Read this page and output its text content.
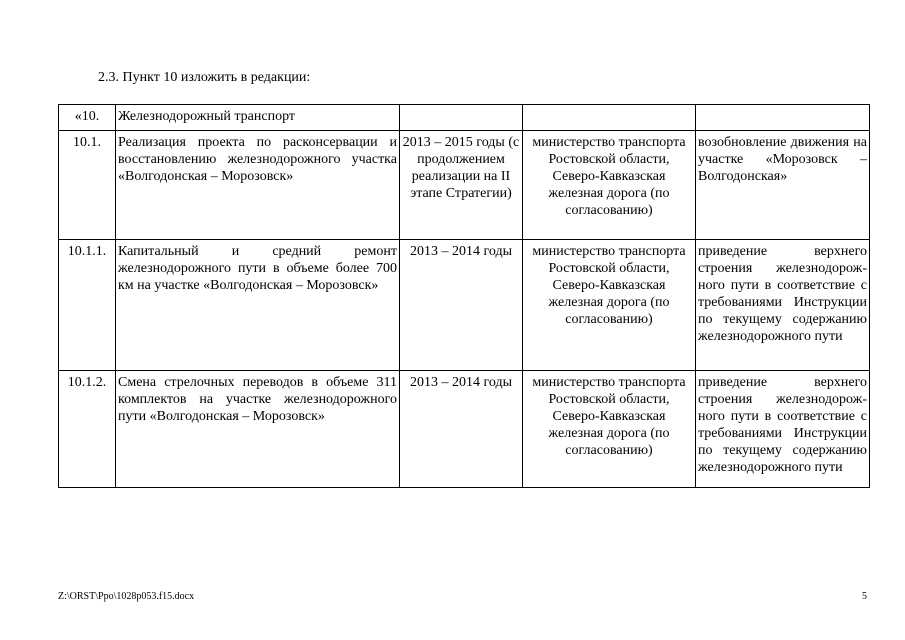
2.3. Пункт 10 изложить в редакции:
«10.	Железнодорожный транспорт			
10.1.	Реализация проекта по расконсервации и восстановлению железнодорожного участка «Волгодонская – Морозовск»	2013 – 2015 годы (с продолжением реализации на II этапе Стратегии)	министерство транспорта Ростовской области, Северо-Кавказская железная дорога (по согласованию)	возобновление движения на участке «Морозовск – Волгодонская»
10.1.1.	Капитальный и средний ремонт железнодорожного пути в объеме более 700 км на участке «Волгодонская – Морозовск»	2013 – 2014 годы	министерство транспорта Ростовской области, Северо-Кавказская железная дорога (по согласованию)	приведение верхнего строения железнодорожного пути в соответствие с требованиями Инструкции по текущему содержанию железнодорожного пути
10.1.2.	Смена стрелочных переводов в объеме 311 комплектов на участке железнодорожного пути «Волгодонская – Морозовск»	2013 – 2014 годы	министерство транспорта Ростовской области, Северо-Кавказская железная дорога (по согласованию)	приведение верхнего строения железнодорожного пути в соответствие с требованиями Инструкции по текущему содержанию железнодорожного пути
Z:\ORST\Ppo\1028p053.f15.docx	5
